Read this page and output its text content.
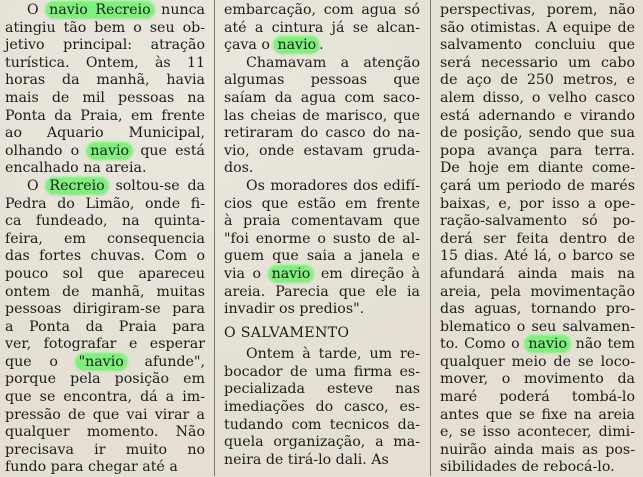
O navio Recreio nunca
atingiu tão bem o seu ob-
jetivo principal: atração
turística. Ontem, às 11
horas da manhã, havia
mais de mil pessoas na
Ponta da Praia, em frente
ao Aquario Municipal,
olhando o navio que está
encalhado na areia.
O Recreio soltou-se da
Pedra do Limão, onde fi-
ca fundeado, na quinta-
feira, em consequencia
das fortes chuvas. Com o
pouco sol que apareceu
ontem de manhã, muitas
pessoas dirigiram-se para
a Ponta da Praia para
ver, fotografar e esperar
que o "navio afunde",
porque pela posição em
que se encontra, dá a im-
pressão de que vai virar a
qualquer momento. Não
precisava ir muito no
fundo para chegar até a
embarcação, com agua só
até a cintura já se alcan-
çava o navio .
Chamavam a atenção
algumas pessoas que
saíam da agua com saco-
las cheias de marisco, que
retiraram do casco do na-
vio, onde estavam gruda-
dos.
Os moradores dos edifí-
cios que estão em frente
à praia comentavam que
"foi enorme o susto de al-
guem que saia a janela e
via o navio em direção à
areia. Parecia que ele ia
invadir os predios".
O SALVAMENTO
Ontem à tarde, um re-
bocador de uma firma es-
pecializada esteve nas
imediações do casco, es-
tudando com tecnicos da-
quela organização, a ma-
neira de tirá-lo dali. As
perspectivas, porem, não
são otimistas. A equipe de
salvamento concluiu que
será necessario um cabo
de aço de 250 metros, e
alem disso, o velho casco
está adernando e virando
de posição, sendo que sua
popa avança para terra.
De hoje em diante come-
çará um periodo de marés
baixas, e, por isso a ope-
ração-salvamento só po-
derá ser feita dentro de
15 dias. Até lá, o barco se
afundará ainda mais na
areia, pela movimentação
das aguas, tornando pro-
blematico o seu salvamen-
to. Como o navio não tem
qualquer meio de se loco-
mover, o movimento da
maré poderá tombá-lo
antes que se fixe na areia
e, se isso acontecer, dimi-
nuirão ainda mais as pos-
sibilidades de rebocá-lo.
